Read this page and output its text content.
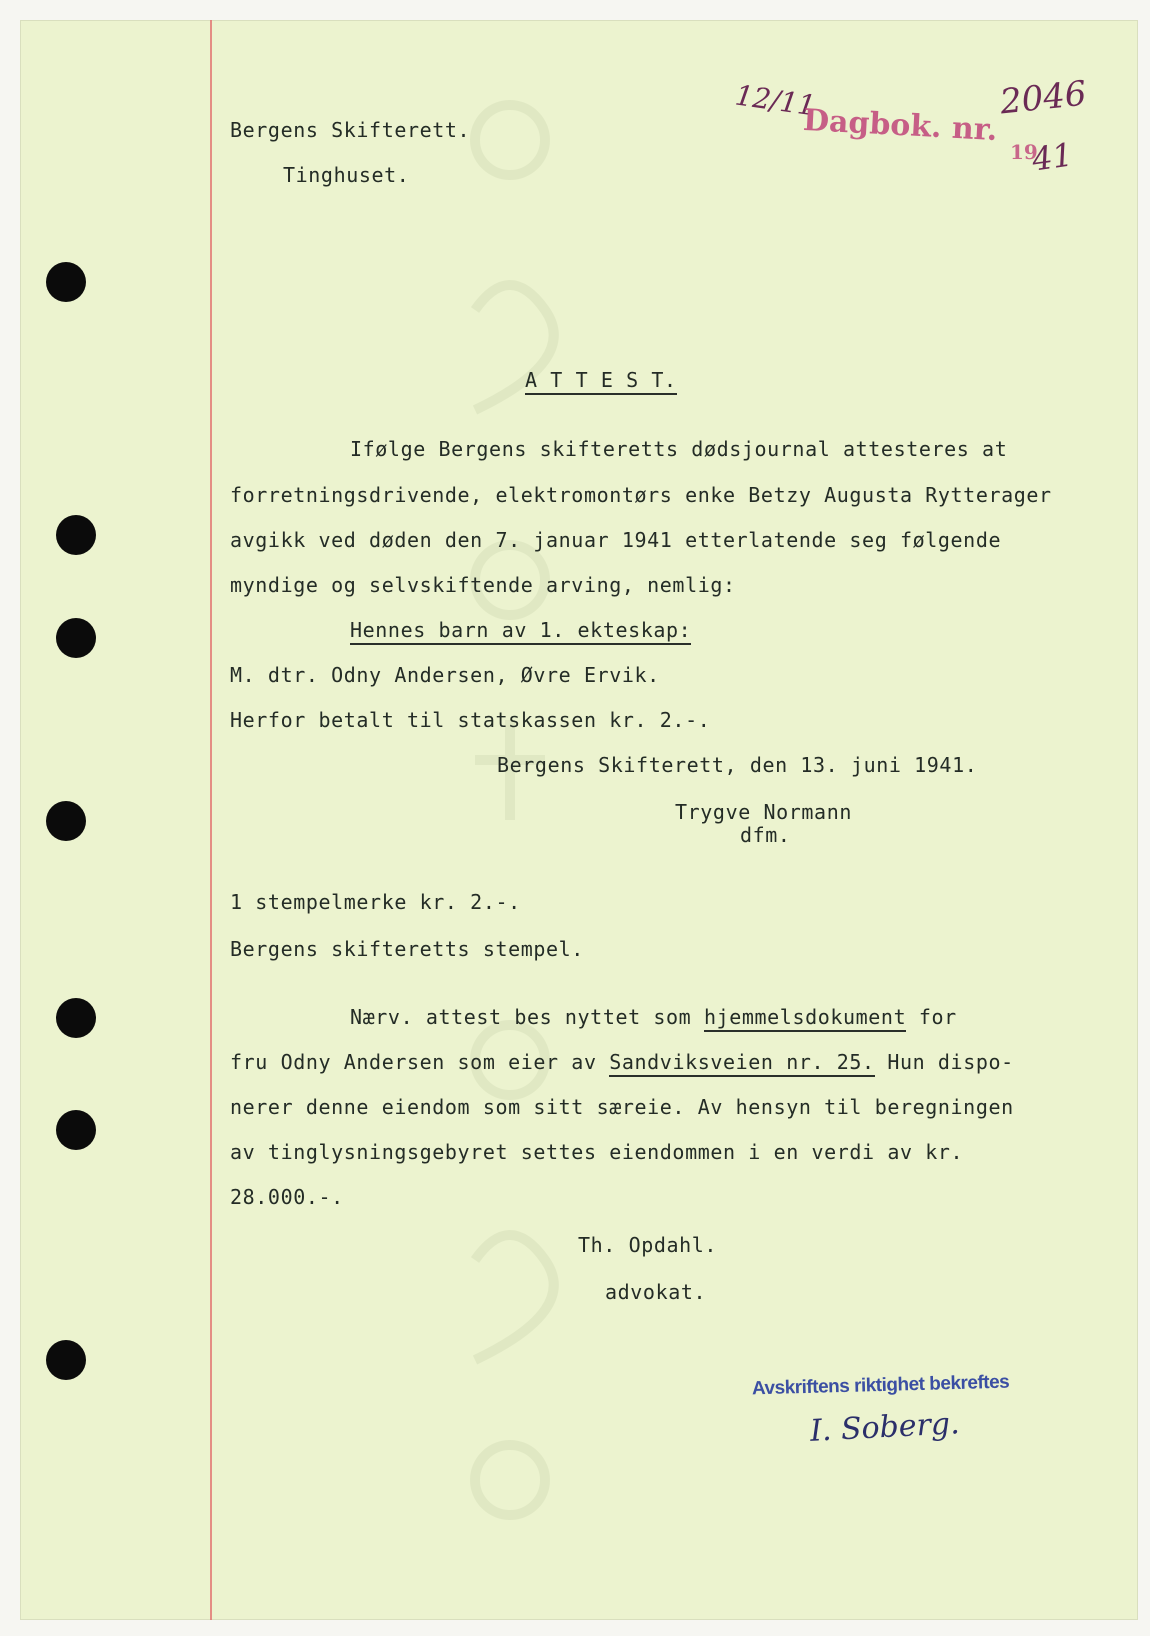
Bergens Skifterett.
Tinghuset.
12/11
Dagbok. nr.
2046
19
41
A T T E S T.
Ifølge Bergens skifteretts dødsjournal attesteres at
forretningsdrivende, elektromontørs enke Betzy Augusta Rytterager
avgikk ved døden den 7. januar 1941 etterlatende seg følgende
myndige og selvskiftende arving, nemlig:
Hennes barn av 1. ekteskap:
M. dtr. Odny Andersen, Øvre Ervik.
Herfor betalt til statskassen kr. 2.-.
Bergens Skifterett, den 13. juni 1941.
Trygve Normann
dfm.
1 stempelmerke kr. 2.-.
Bergens skifteretts stempel.
Nærv. attest bes nyttet som hjemmelsdokument for
fru Odny Andersen som eier av Sandviksveien nr. 25. Hun dispo-
nerer denne eiendom som sitt særeie. Av hensyn til beregningen
av tinglysningsgebyret settes eiendommen i en verdi av kr.
28.000.-.
Th. Opdahl.
advokat.
Avskriftens riktighet bekreftes
I. Soberg.
